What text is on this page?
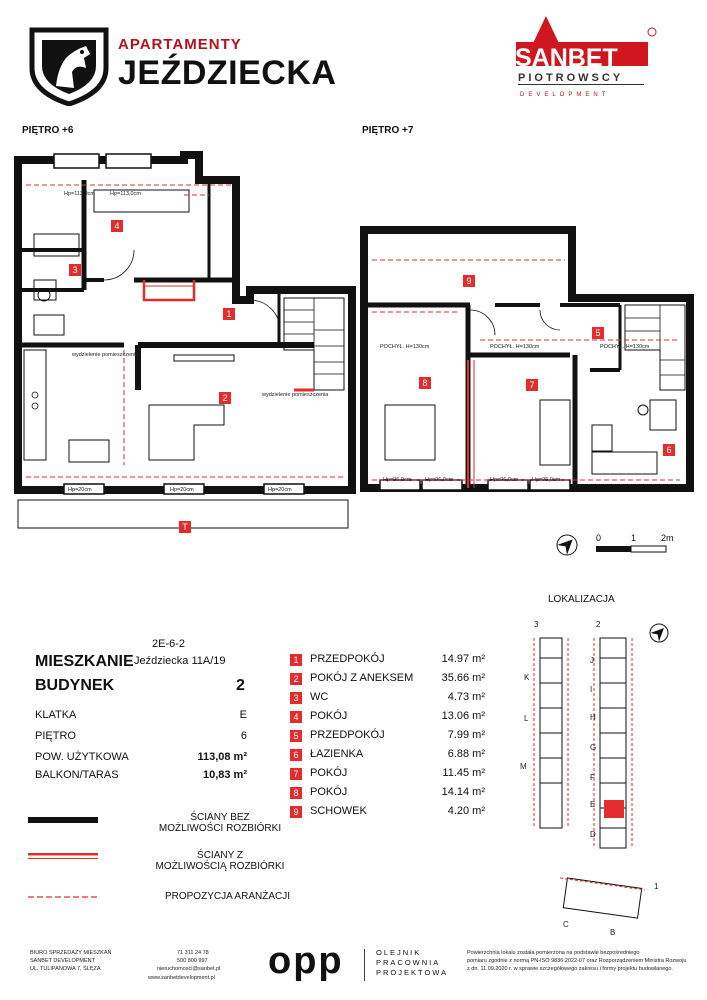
APARTAMENTY
JEŹDZIECKA	SANBET
PIOTROWSCY
DEVELOPMENT
PIĘTRO +6	PIĘTRO +7
4
3
1
2
T
Hp=113,0cm	Hp=113,0cm
Hp=20cm	Hp=20cm	Hp=20cm
wydzielenie pomieszczenia
wydzielenie pomieszczenia
9
5
8	7
6
Hp=96,0cm Hp=96,0cm	Hp=96,0cm Hp=96,0cm
POCHYŁ. H=130cm	POCHYŁ. H=130cm	POCHYŁ. H=130cm
0	1	2m
LOKALIZACJA
3	2
1
J
I
H
G
F
E
D
K
L
M
C
B
2E-6-2
Jeździecka 11A/19
MIESZKANIE
BUDYNEK	2
KLATKA	E
PIĘTRO	6
POW. UŻYTKOWA	113,08 m²
BALKON/TARAS	10,83 m²
1	PRZEDPOKÓJ	14.97 m²
2	POKÓJ Z ANEKSEM	35.66 m²
3	WC	4.73 m²
4	POKÓJ	13.06 m²
5	PRZEDPOKÓJ	7.99 m²
6	ŁAZIENKA	6.88 m²
7	POKÓJ	11.45 m²
8	POKÓJ	14.14 m²
9	SCHOWEK	4.20 m²
ŚCIANY BEZ
MOŻLIWOŚCI ROZBIÓRKI
ŚCIANY Z
MOŻLIWOŚCIĄ ROZBIÓRKI
PROPOZYCJA ARANŻACJI
BIURO SPRZEDAŻY MIESZKAŃ
SANBET DEVELOPMENT
UL. TULIPANOWA 7, ŚLĘZA
71 311 24 78
500 800 997
nieruchomosci@sanbet.pl
www.sanbetdevelopment.pl opp	OLEJNIK
PRACOWNIA
PROJEKTOWA
Powierzchnia lokalu została pomierzona na podstawie bezpośredniego
pomiaru zgodnie z normą PN-ISO 9836:2022-07 oraz Rozporządzeniem Ministra Rozwoju
z dn. 11.09.2020 r. w sprawie szczegółowego zakresu i formy projektu budowlanego.
